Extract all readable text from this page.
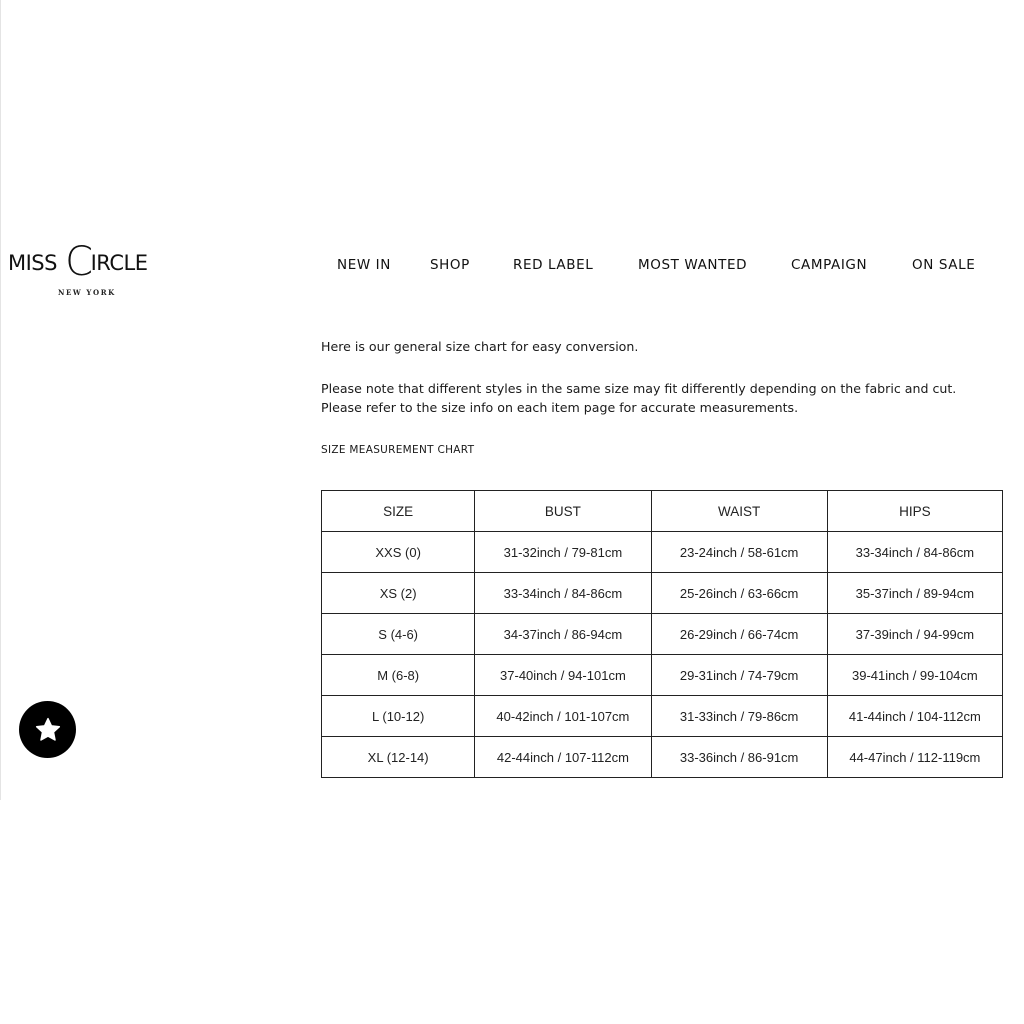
MISS CIRCLE
NEW YORK
NEW IN	SHOP	RED LABEL	MOST WANTED	CAMPAIGN	ON SALE

Here is our general size chart for easy conversion.

Please note that different styles in the same size may fit differently depending on the fabric and cut.

Please refer to the size info on each item page for accurate measurements.

SIZE MEASUREMENT CHART
SIZE	BUST	WAIST	HIPS
XXS (0)	31-32inch / 79-81cm	23-24inch / 58-61cm	33-34inch / 84-86cm
XS (2)	33-34inch / 84-86cm	25-26inch / 63-66cm	35-37inch / 89-94cm
S (4-6)	34-37inch / 86-94cm	26-29inch / 66-74cm	37-39inch / 94-99cm
M (6-8)	37-40inch / 94-101cm	29-31inch / 74-79cm	39-41inch / 99-104cm
L (10-12)	40-42inch / 101-107cm	31-33inch / 79-86cm	41-44inch / 104-112cm
XL (12-14)	42-44inch / 107-112cm	33-36inch / 86-91cm	44-47inch / 112-119cm
